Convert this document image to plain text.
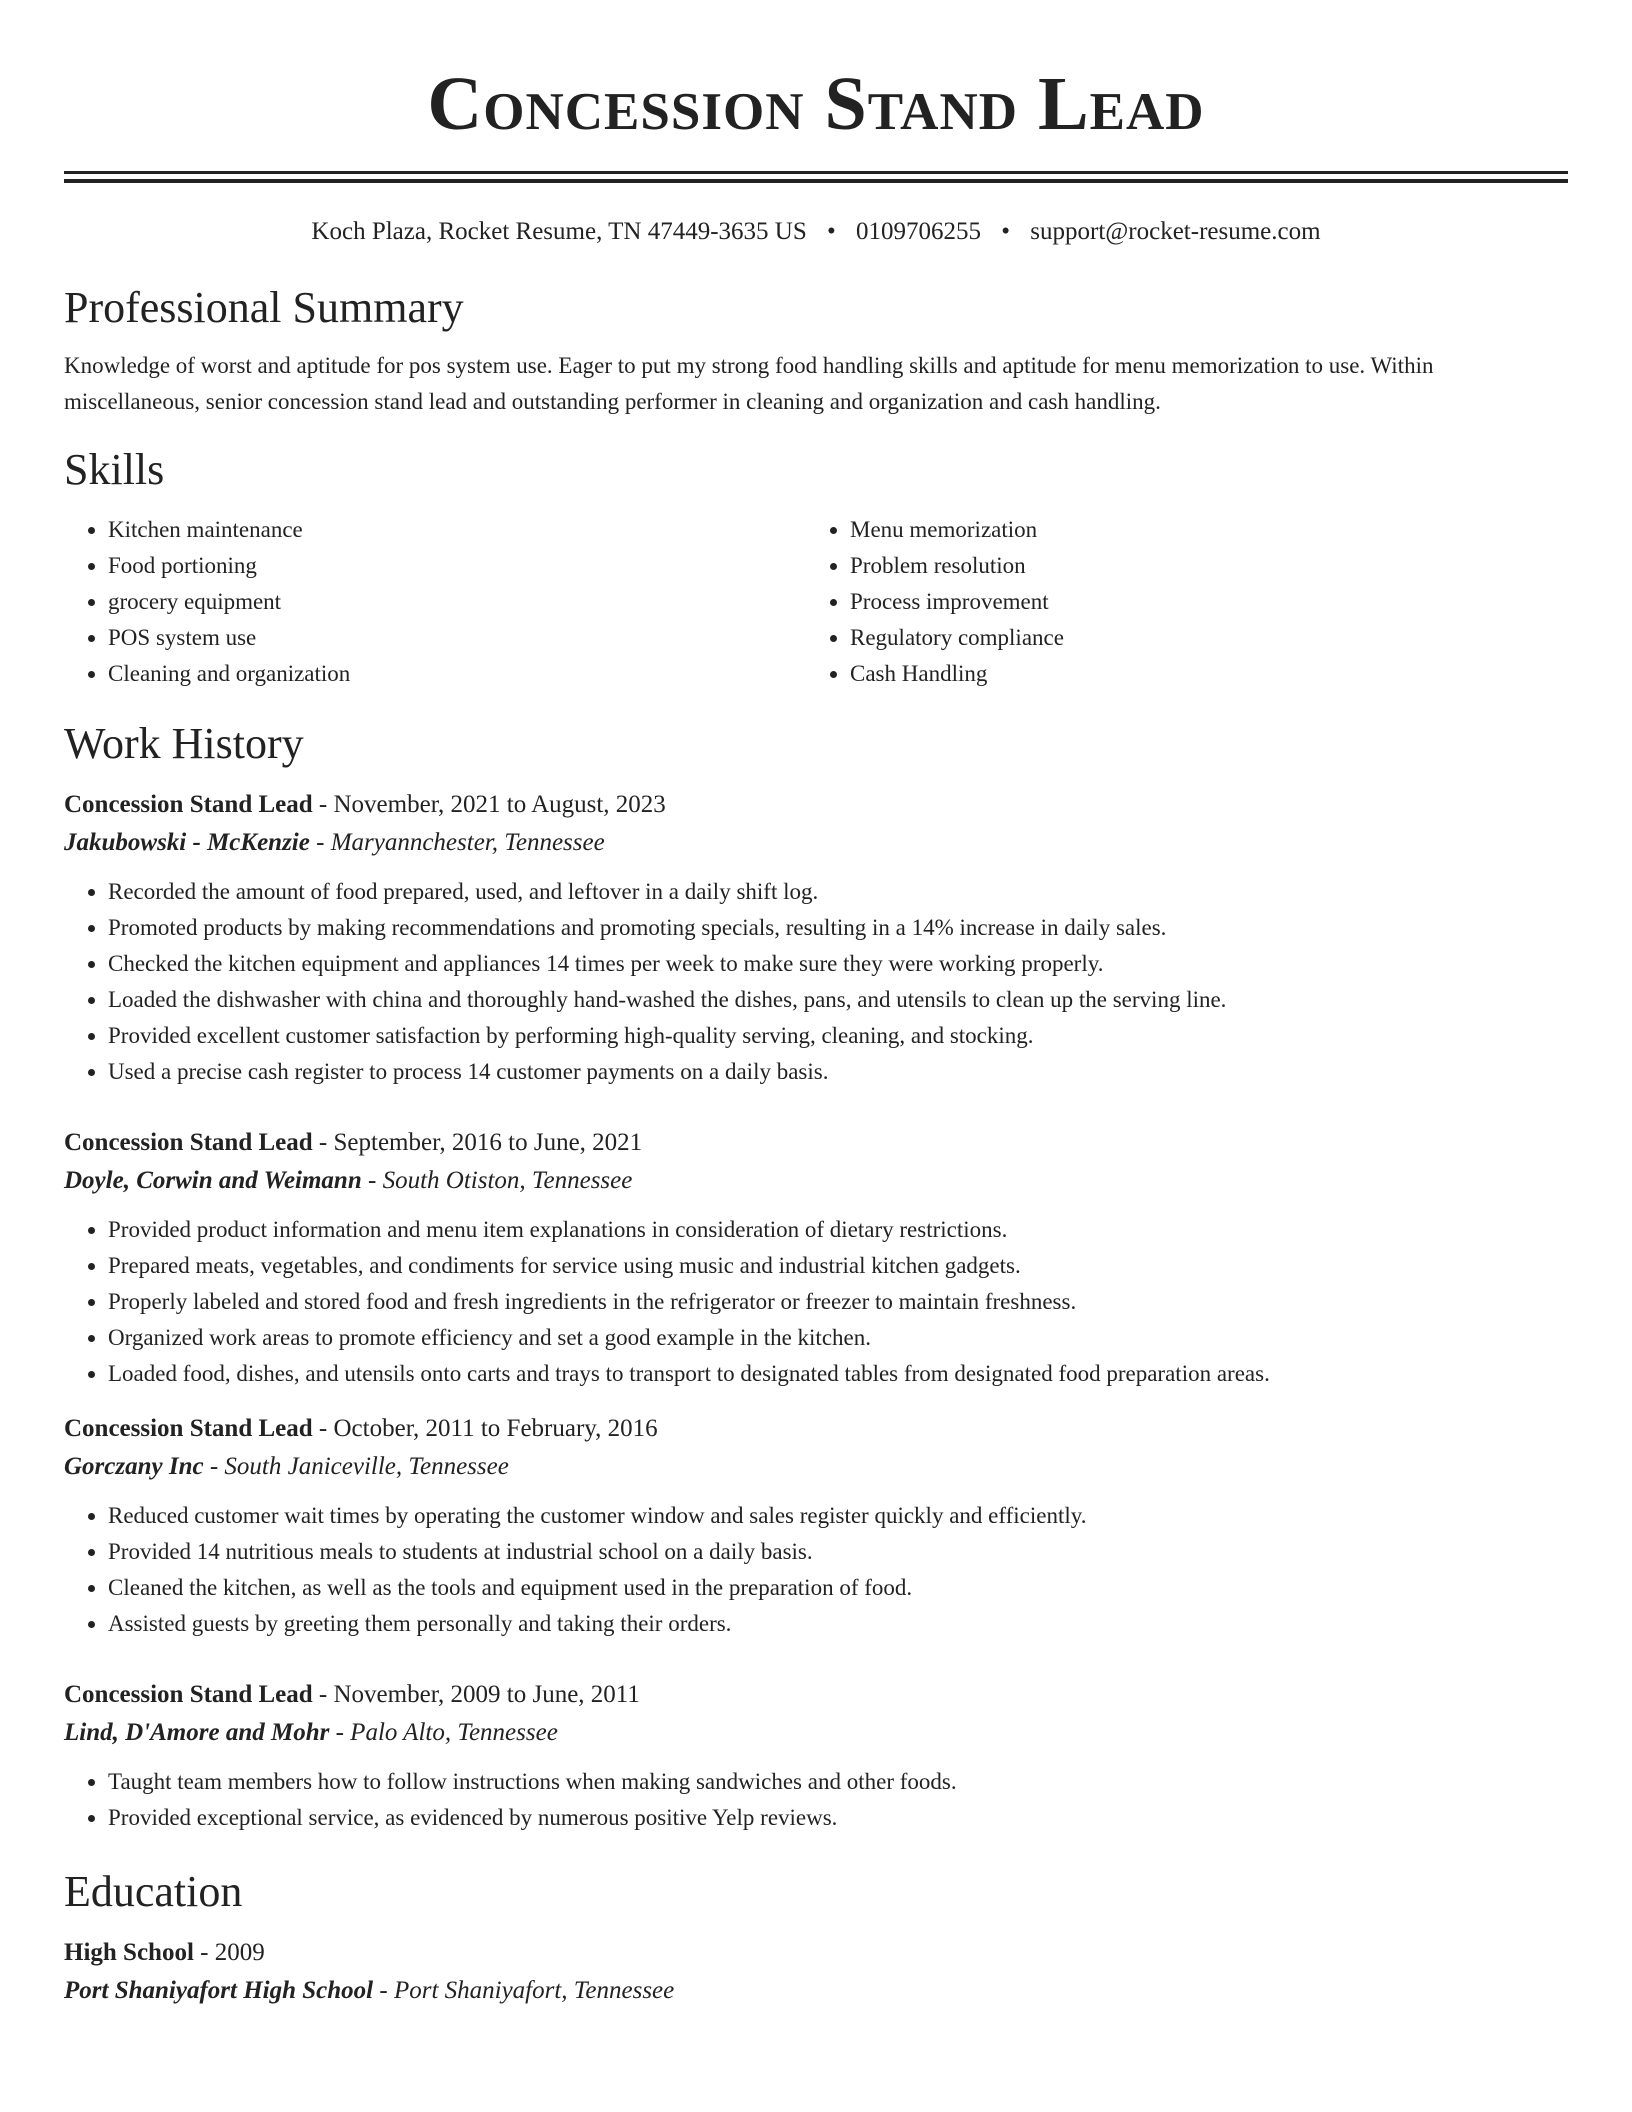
Concession Stand Lead
Koch Plaza, Rocket Resume, TN 47449-3635 US • 0109706255 • support@rocket-resume.com
Professional Summary

Knowledge of worst and aptitude for pos system use. Eager to put my strong food handling skills and aptitude for menu memorization to use. Within miscellaneous, senior concession stand lead and outstanding performer in cleaning and organization and cash handling.

Skills
• Kitchen maintenance
• Food portioning
• grocery equipment
• POS system use
• Cleaning and organization
• Menu memorization
• Problem resolution
• Process improvement
• Regulatory compliance
• Cash Handling
Work History
Concession Stand Lead - November, 2021 to August, 2023
Jakubowski - McKenzie - Maryannchester, Tennessee
• Recorded the amount of food prepared, used, and leftover in a daily shift log.
• Promoted products by making recommendations and promoting specials, resulting in a 14% increase in daily sales.
• Checked the kitchen equipment and appliances 14 times per week to make sure they were working properly.
• Loaded the dishwasher with china and thoroughly hand-washed the dishes, pans, and utensils to clean up the serving line.
• Provided excellent customer satisfaction by performing high-quality serving, cleaning, and stocking.
• Used a precise cash register to process 14 customer payments on a daily basis.
Concession Stand Lead - September, 2016 to June, 2021
Doyle, Corwin and Weimann - South Otiston, Tennessee
• Provided product information and menu item explanations in consideration of dietary restrictions.
• Prepared meats, vegetables, and condiments for service using music and industrial kitchen gadgets.
• Properly labeled and stored food and fresh ingredients in the refrigerator or freezer to maintain freshness.
• Organized work areas to promote efficiency and set a good example in the kitchen.
• Loaded food, dishes, and utensils onto carts and trays to transport to designated tables from designated food preparation areas.
Concession Stand Lead - October, 2011 to February, 2016
Gorczany Inc - South Janiceville, Tennessee
• Reduced customer wait times by operating the customer window and sales register quickly and efficiently.
• Provided 14 nutritious meals to students at industrial school on a daily basis.
• Cleaned the kitchen, as well as the tools and equipment used in the preparation of food.
• Assisted guests by greeting them personally and taking their orders.
Concession Stand Lead - November, 2009 to June, 2011
Lind, D'Amore and Mohr - Palo Alto, Tennessee
• Taught team members how to follow instructions when making sandwiches and other foods.
• Provided exceptional service, as evidenced by numerous positive Yelp reviews.
Education
High School - 2009
Port Shaniyafort High School - Port Shaniyafort, Tennessee
